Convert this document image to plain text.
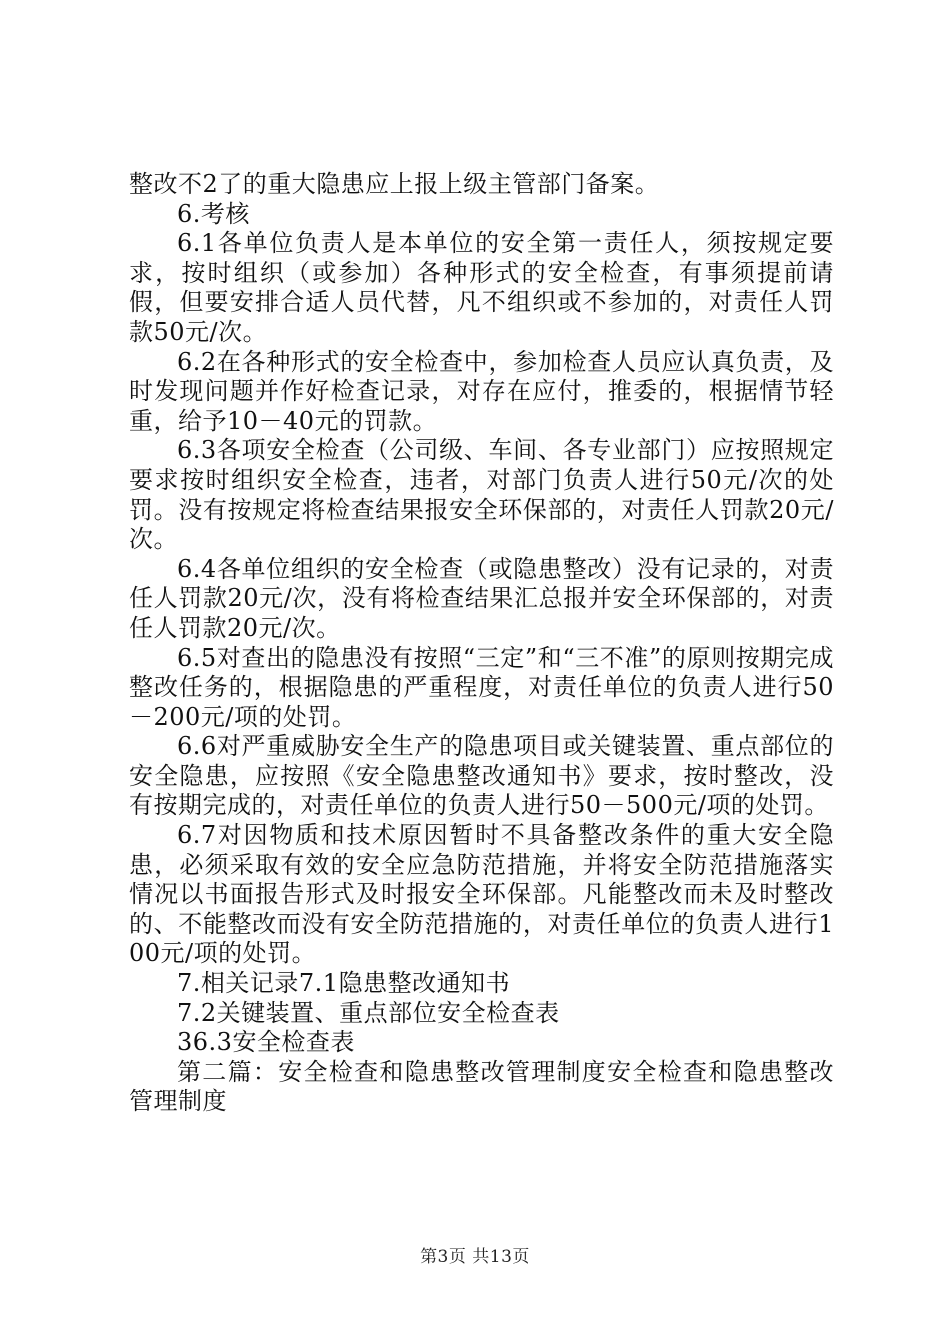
整改不2了的重大隐患应上报上级主管部门备案。

6.考核

6.1各单位负责人是本单位的安全第一责任人，须按规定要求，按时组织（或参加）各种形式的安全检查，有事须提前请假，但要安排合适人员代替，凡不组织或不参加的，对责任人罚款50元/次。

6.2在各种形式的安全检查中，参加检查人员应认真负责，及时发现问题并作好检查记录，对存在应付，推委的，根据情节轻重，给予10－40元的罚款。

6.3各项安全检查（公司级、车间、各专业部门）应按照规定要求按时组织安全检查，违者，对部门负责人进行50元/次的处罚。没有按规定将检查结果报安全环保部的，对责任人罚款20元/次。

6.4各单位组织的安全检查（或隐患整改）没有记录的，对责任人罚款20元/次，没有将检查结果汇总报并安全环保部的，对责任人罚款20元/次。

6.5对查出的隐患没有按照“三定”和“三不准”的原则按期完成整改任务的，根据隐患的严重程度，对责任单位的负责人进行50－200元/项的处罚。

6.6对严重威胁安全生产的隐患项目或关键装置、重点部位的安全隐患，应按照《安全隐患整改通知书》要求，按时整改，没有按期完成的，对责任单位的负责人进行50－500元/项的处罚。

6.7对因物质和技术原因暂时不具备整改条件的重大安全隐患，必须采取有效的安全应急防范措施，并将安全防范措施落实情况以书面报告形式及时报安全环保部。凡能整改而未及时整改的、不能整改而没有安全防范措施的，对责任单位的负责人进行100元/项的处罚。

7.相关记录7.1隐患整改通知书

7.2关键装置、重点部位安全检查表

36.3安全检查表

第二篇：安全检查和隐患整改管理制度安全检查和隐患整改管理制度

第3页 共13页
